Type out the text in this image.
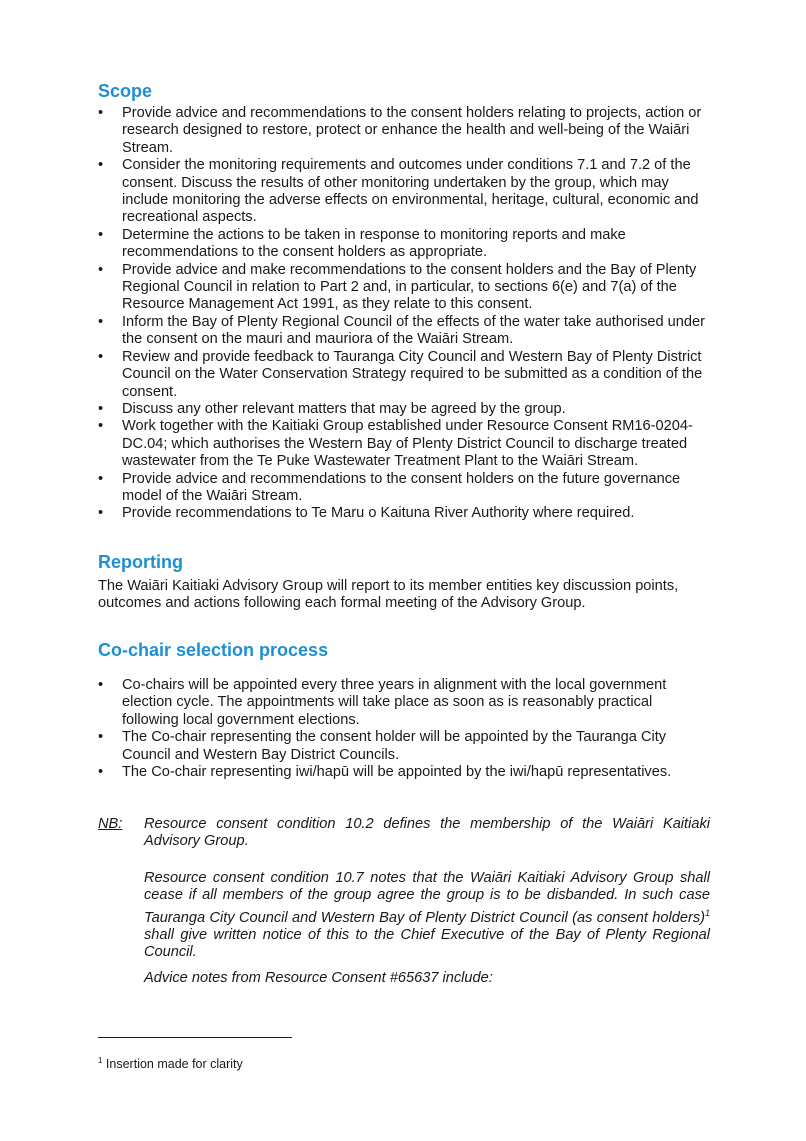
Scope
• Provide advice and recommendations to the consent holders relating to projects, action or research designed to restore, protect or enhance the health and well-being of the Waiāri Stream.
• Consider the monitoring requirements and outcomes under conditions 7.1 and 7.2 of the consent. Discuss the results of other monitoring undertaken by the group, which may include monitoring the adverse effects on environmental, heritage, cultural, economic and recreational aspects.
• Determine the actions to be taken in response to monitoring reports and make recommendations to the consent holders as appropriate.
• Provide advice and make recommendations to the consent holders and the Bay of Plenty Regional Council in relation to Part 2 and, in particular, to sections 6(e) and 7(a) of the Resource Management Act 1991, as they relate to this consent.
• Inform the Bay of Plenty Regional Council of the effects of the water take authorised under the consent on the mauri and mauriora of the Waiāri Stream.
• Review and provide feedback to Tauranga City Council and Western Bay of Plenty District Council on the Water Conservation Strategy required to be submitted as a condition of the consent.
• Discuss any other relevant matters that may be agreed by the group.
• Work together with the Kaitiaki Group established under Resource Consent RM16-0204-DC.04; which authorises the Western Bay of Plenty District Council to discharge treated wastewater from the Te Puke Wastewater Treatment Plant to the Waiāri Stream.
• Provide advice and recommendations to the consent holders on the future governance model of the Waiāri Stream.
• Provide recommendations to Te Maru o Kaituna River Authority where required.
Reporting

The Waiāri Kaitiaki Advisory Group will report to its member entities key discussion points, outcomes and actions following each formal meeting of the Advisory Group.

Co-chair selection process
• Co-chairs will be appointed every three years in alignment with the local government election cycle. The appointments will take place as soon as is reasonably practical following local government elections.
• The Co-chair representing the consent holder will be appointed by the Tauranga City Council and Western Bay District Councils.
• The Co-chair representing iwi/hapū will be appointed by the iwi/hapū representatives.
NB: Resource consent condition 10.2 defines the membership of the Waiāri Kaitiaki Advisory Group.

Resource consent condition 10.7 notes that the Waiāri Kaitiaki Advisory Group shall cease if all members of the group agree the group is to be disbanded. In such case Tauranga City Council and Western Bay of Plenty District Council (as consent holders)$^1$ shall give written notice of this to the Chief Executive of the Bay of Plenty Regional Council.

Advice notes from Resource Consent #65637 include:

$^1$ Insertion made for clarity
